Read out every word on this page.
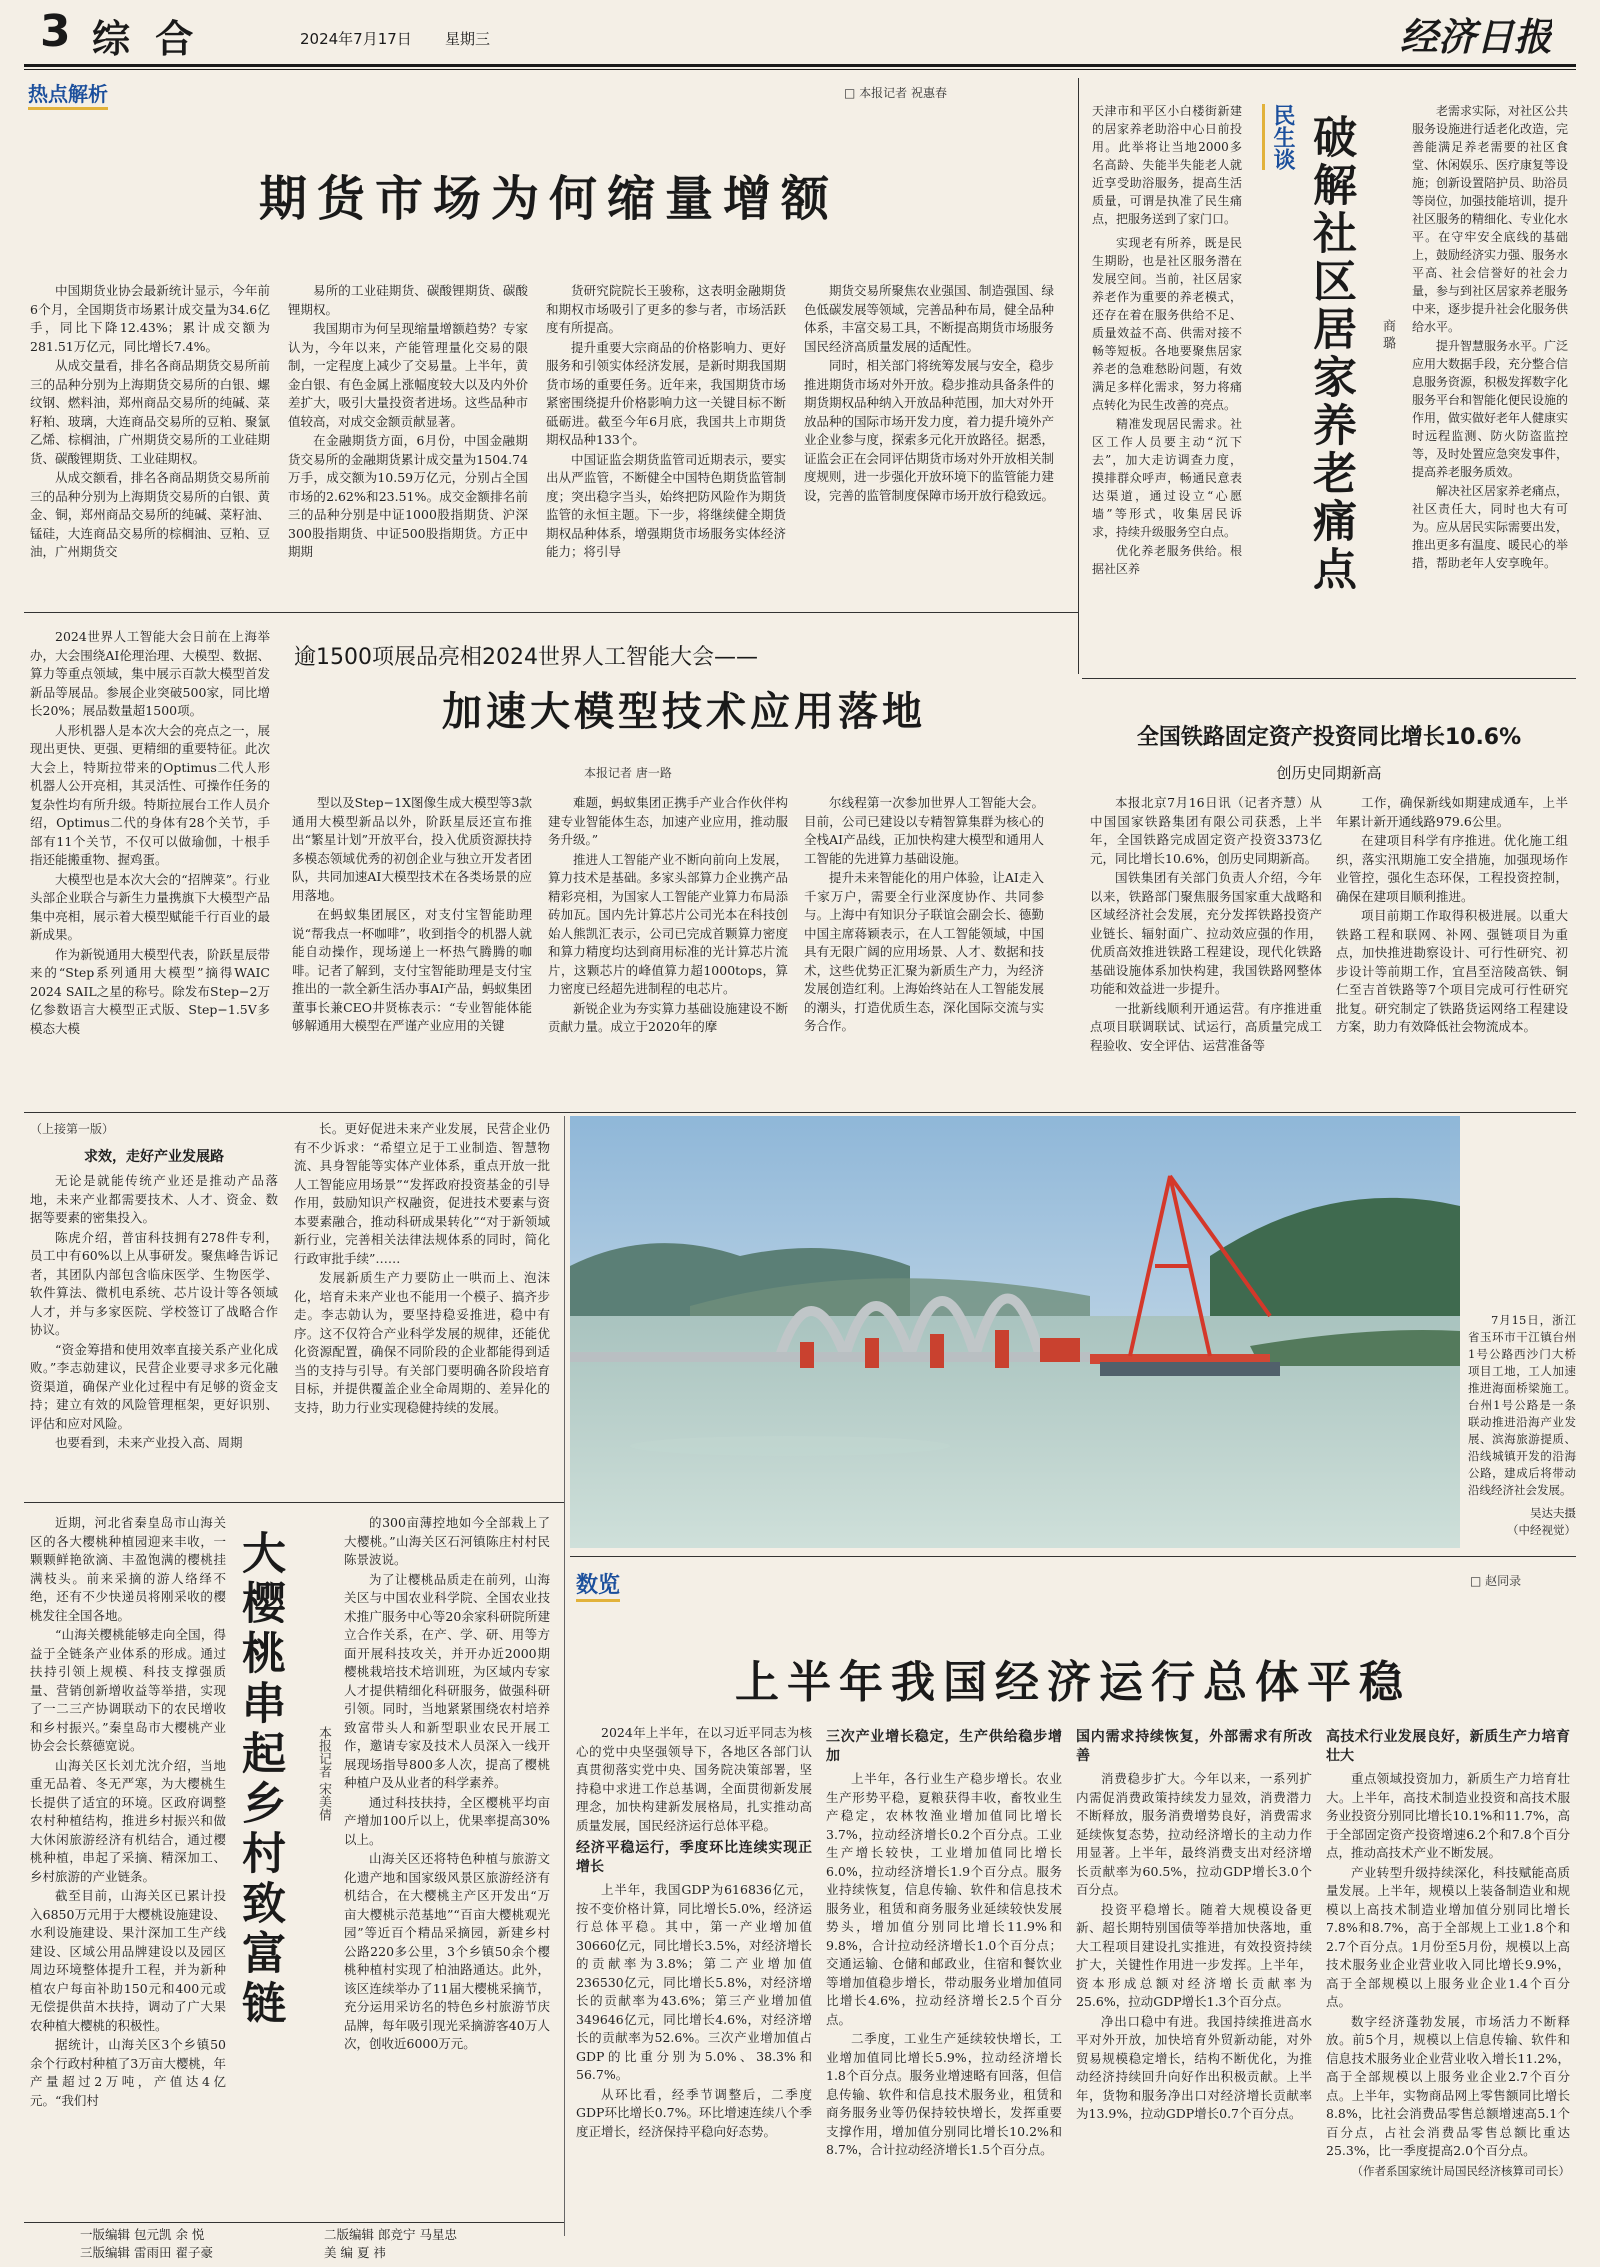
3 综 合	2024年7月17日 星期三	经济日报
热点解析	□ 本报记者 祝惠春
期货市场为何缩量增额

中国期货业协会最新统计显示，今年前6个月，全国期货市场累计成交量为34.6亿手，同比下降12.43%；累计成交额为281.51万亿元，同比增长7.4%。

从成交量看，排名各商品期货交易所前三的品种分别为上海期货交易所的白银、螺纹钢、燃料油，郑州商品交易所的纯碱、菜籽粕、玻璃，大连商品交易所的豆粕、聚氯乙烯、棕榈油，广州期货交易所的工业硅期货、碳酸锂期货、工业硅期权。

从成交额看，排名各商品期货交易所前三的品种分别为上海期货交易所的白银、黄金、铜，郑州商品交易所的纯碱、菜籽油、锰硅，大连商品交易所的棕榈油、豆粕、豆油，广州期货交

易所的工业硅期货、碳酸锂期货、碳酸锂期权。

我国期市为何呈现缩量增额趋势？专家认为，今年以来，产能管理量化交易的限制，一定程度上减少了交易量。上半年，黄金白银、有色金属上涨幅度较大以及内外价差扩大，吸引大量投资者进场。这些品种市值较高，对成交金额贡献显著。

在金融期货方面，6月份，中国金融期货交易所的金融期货累计成交量为1504.74万手，成交额为10.59万亿元，分别占全国市场的2.62%和23.51%。成交金额排名前三的品种分别是中证1000股指期货、沪深300股指期货、中证500股指期货。方正中期期

货研究院院长王骏称，这表明金融期货和期权市场吸引了更多的参与者，市场活跃度有所提高。

提升重要大宗商品的价格影响力、更好服务和引领实体经济发展，是新时期我国期货市场的重要任务。近年来，我国期货市场紧密围绕提升价格影响力这一关键目标不断砥砺进。截至今年6月底，我国共上市期货期权品种133个。

中国证监会期货监管司近期表示，要实出从严监管，不断健全中国特色期货监管制度；突出稳字当头，始终把防风险作为期货监管的永恒主题。下一步，将继续健全期货期权品种体系，增强期货市场服务实体经济能力；将引导

期货交易所聚焦农业强国、制造强国、绿色低碳发展等领域，完善品种布局，健全品种体系，丰富交易工具，不断提高期货市场服务国民经济高质量发展的适配性。

同时，相关部门将统筹发展与安全，稳步推进期货市场对外开放。稳步推动具备条件的期货期权品种纳入开放品种范围，加大对外开放品种的国际市场开发力度，着力提升境外产业企业参与度，探索多元化开放路径。据悉，证监会正在会同评估期货市场对外开放相关制度规则，进一步强化开放环境下的监管能力建设，完善的监管制度保障市场开放行稳致远。

天津市和平区小白楼街新建的居家养老助浴中心日前投用。此举将让当地2000多名高龄、失能半失能老人就近享受助浴服务，提高生活质量，可谓是执准了民生痛点，把服务送到了家门口。

实现老有所养，既是民生期盼，也是社区服务潜在发展空间。当前，社区居家养老作为重要的养老模式，还存在着在服务供给不足、质量效益不高、供需对接不畅等短板。各地要聚焦居家养老的急难愁盼问题，有效满足多样化需求，努力将痛点转化为民生改善的亮点。

精准发现居民需求。社区工作人员要主动“沉下去”，加大走访调查力度，摸排群众呼声，畅通民意表达渠道，通过设立“心愿墙”等形式，收集居民诉求，持续升级服务空白点。

优化养老服务供给。根据社区养

民生谈 破解社区居家养老痛点 商 璐

老需求实际，对社区公共服务设施进行适老化改造，完善能满足养老需要的社区食堂、休闲娱乐、医疗康复等设施；创新设置陪护员、助浴员等岗位，加强技能培训，提升社区服务的精细化、专业化水平。在守牢安全底线的基础上，鼓励经济实力强、服务水平高、社会信誉好的社会力量，参与到社区居家养老服务中来，逐步提升社会化服务供给水平。

提升智慧服务水平。广泛应用大数据手段，充分整合信息服务资源，积极发挥数字化服务平台和智能化便民设施的作用，做实做好老年人健康实时远程监测、防火防盗监控等，及时处置应急突发事件，提高养老服务质效。

解决社区居家养老痛点，社区责任大，同时也大有可为。应从居民实际需要出发，推出更多有温度、暖民心的举措，帮助老年人安享晚年。

2024世界人工智能大会日前在上海举办，大会围绕AI伦理治理、大模型、数据、算力等重点领域，集中展示百款大模型首发新品等展品。参展企业突破500家，同比增长20%；展品数量超1500项。

人形机器人是本次大会的亮点之一，展现出更快、更强、更精细的重要特征。此次大会上，特斯拉带来的Optimus二代人形机器人公开亮相，其灵活性、可操作任务的复杂性均有所升级。特斯拉展台工作人员介绍，Optimus二代的身体有28个关节，手部有11个关节，不仅可以做瑜伽，十根手指还能搬重物、握鸡蛋。

大模型也是本次大会的“招牌菜”。行业头部企业联合与新生力量携旗下大模型产品集中亮相，展示着大模型赋能千行百业的最新成果。

作为新锐通用大模型代表，阶跃星辰带来的“Step系列通用大模型”摘得WAIC 2024 SAIL之星的称号。除发布Step−2万亿参数语言大模型正式版、Step−1.5V多模态大模

逾1500项展品亮相2024世界人工智能大会——
加速大模型技术应用落地
本报记者 唐一路

型以及Step−1X图像生成大模型等3款通用大模型新品以外，阶跃星辰还宣布推出“繁星计划”开放平台，投入优质资源扶持多模态领域优秀的初创企业与独立开发者团队，共同加速AI大模型技术在各类场景的应用落地。

在蚂蚁集团展区，对支付宝智能助理说“帮我点一杯咖啡”，收到指令的机器人就能自动操作，现场递上一杯热气腾腾的咖啡。记者了解到，支付宝智能助理是支付宝推出的一款全新生活办事AI产品，蚂蚁集团董事长兼CEO井贤栋表示：“专业智能体能够解通用大模型在严谨产业应用的关键

难题，蚂蚁集团正携手产业合作伙伴构建专业智能体生态，加速产业应用，推动服务升级。”

推进人工智能产业不断向前向上发展，算力技术是基础。多家头部算力企业携产品精彩亮相，为国家人工智能产业算力布局添砖加瓦。国内先计算芯片公司光本在科技创始人熊凯汇表示，公司已完成首颗算力密度和算力精度均达到商用标准的光计算芯片流片，这颗芯片的峰值算力超1000tops，算力密度已经超先进制程的电芯片。

新锐企业为夯实算力基础设施建设不断贡献力量。成立于2020年的摩

尔线程第一次参加世界人工智能大会。目前，公司已建设以专精智算集群为核心的全栈AI产品线，正加快构建大模型和通用人工智能的先进算力基础设施。

提升未来智能化的用户体验，让AI走入千家万户，需要全行业深度协作、共同参与。上海中有知识分子联谊会副会长、德勤中国主席蒋颖表示，在人工智能领域，中国具有无限广阔的应用场景、人才、数据和技术，这些优势正汇聚为新质生产力，为经济发展创造红利。上海始终站在人工智能发展的潮头，打造优质生态，深化国际交流与实务合作。

全国铁路固定资产投资同比增长10.6%
创历史同期新高

本报北京7月16日讯（记者齐慧）从中国国家铁路集团有限公司获悉，上半年，全国铁路完成固定资产投资3373亿元，同比增长10.6%，创历史同期新高。

国铁集团有关部门负责人介绍，今年以来，铁路部门聚焦服务国家重大战略和区域经济社会发展，充分发挥铁路投资产业链长、辐射面广、拉动效应强的作用，优质高效推进铁路工程建设，现代化铁路基础设施体系加快构建，我国铁路网整体功能和效益进一步提升。

一批新线顺利开通运营。有序推进重点项目联调联试、试运行，高质量完成工程验收、安全评估、运营准备等

工作，确保新线如期建成通车，上半年累计新开通线路979.6公里。

在建项目科学有序推进。优化施工组织，落实汛期施工安全措施，加强现场作业管控，强化生态环保，工程投资控制，确保在建项目顺利推进。

项目前期工作取得积极进展。以重大铁路工程和联网、补网、强链项目为重点，加快推进勘察设计、可行性研究、初步设计等前期工作，宜昌至涪陵高铁、铜仁至吉首铁路等7个项目完成可行性研究批复。研究制定了铁路货运网络工程建设方案，助力有效降低社会物流成本。

（上接第一版）
求效，走好产业发展路

无论是就能传统产业还是推动产品落地，未来产业都需要技术、人才、资金、数据等要素的密集投入。

陈虎介绍，普宙科技拥有278件专利，员工中有60%以上从事研发。聚焦峰告诉记者，其团队内部包含临床医学、生物医学、软件算法、微机电系统、芯片设计等各领域人才，并与多家医院、学校签订了战略合作协议。

“资金筹措和使用效率直接关系产业化成败。”李志勍建议，民营企业要寻求多元化融资渠道，确保产业化过程中有足够的资金支持；建立有效的风险管理框架，更好识别、评估和应对风险。

也要看到，未来产业投入高、周期

长。更好促进未来产业发展，民营企业仍有不少诉求：“希望立足于工业制造、智慧物流、具身智能等实体产业体系，重点开放一批人工智能应用场景”“发挥政府投资基金的引导作用，鼓励知识产权融资，促进技术要素与资本要素融合，推动科研成果转化”“对于新领域新行业，完善相关法律法规体系的同时，简化行政审批手续”……

发展新质生产力要防止一哄而上、泡沫化，培育未来产业也不能用一个模子、搞齐步走。李志勍认为，要坚持稳妥推进，稳中有序。这不仅符合产业科学发展的规律，还能优化资源配置，确保不同阶段的企业都能得到适当的支持与引导。有关部门要明确各阶段培育目标，并提供覆盖企业全命周期的、差异化的支持，助力行业实现稳健持续的发展。

7月15日，浙江省玉环市干江镇台州1号公路西沙门大桥项目工地，工人加速推进海面桥梁施工。台州1号公路是一条联动推进沿海产业发展、滨海旅游提质、沿线城镇开发的沿海公路，建成后将带动沿线经济社会发展。
吴达夫摄
（中经视觉）

近期，河北省秦皇岛市山海关区的各大樱桃种植园迎来丰收，一颗颗鲜艳欲滴、丰盈饱满的樱桃挂满枝头。前来采摘的游人络绎不绝，还有不少快递员将刚采收的樱桃发往全国各地。

“山海关樱桃能够走向全国，得益于全链条产业体系的形成。通过扶持引领上规模、科技支撑强质量、营销创新增收益等举措，实现了一二三产协调联动下的农民增收和乡村振兴。”秦皇岛市大樱桃产业协会会长蔡德宽说。

山海关区长刘尤沈介绍，当地重无品着、冬无严寒，为大樱桃生长提供了适宜的环境。区政府调整农村种植结构，推进乡村振兴和做大休闲旅游经济有机结合，通过樱桃种植，串起了采摘、精深加工、乡村旅游的产业链条。

截至目前，山海关区已累计投入6850万元用于大樱桃设施建设、水利设施建设、果汁深加工生产线建设、区域公用品牌建设以及园区周边环境整体提升工程，并为新种植农户每亩补助150元和400元或无偿提供苗木扶持，调动了广大果农种植大樱桃的积极性。

据统计，山海关区3个乡镇50余个行政村种植了3万亩大樱桃，年产量超过2万吨，产值达4亿元。“我们村

大樱桃串起乡村致富链 本报记者 宋美倩

的300亩薄控地如今全部栽上了大樱桃。”山海关区石河镇陈庄村村民陈景波说。

为了让樱桃品质走在前列，山海关区与中国农业科学院、全国农业技术推广服务中心等20余家科研院所建立合作关系，在产、学、研、用等方面开展科技攻关，并开办近2000期樱桃栽培技术培训班，为区域内专家人才提供精细化科研服务，做强科研引领。同时，当地紧紧围绕农村培养致富带头人和新型职业农民开展工作，邀请专家及技术人员深入一线开展现场指导800多人次，提高了樱桃种植户及从业者的科学素养。

通过科技扶持，全区樱桃平均亩产增加100斤以上，优果率提高30%以上。

山海关区还将特色种植与旅游文化遗产地和国家级风景区旅游经济有机结合，在大樱桃主产区开发出“万亩大樱桃示范基地”“百亩大樱桃观光园”等近百个精品采摘园，新建乡村公路220多公里，3个乡镇50余个樱桃种植村实现了柏油路通达。此外，该区连续举办了11届大樱桃采摘节，充分运用采访名的特色乡村旅游节庆品牌，每年吸引现光采摘游客40万人次，创收近6000万元。

数览	□ 赵同录
上半年我国经济运行总体平稳

2024年上半年，在以习近平同志为核心的党中央坚强领导下，各地区各部门认真贯彻落实党中央、国务院决策部署，坚持稳中求进工作总基调，全面贯彻新发展理念，加快构建新发展格局，扎实推动高质量发展，国民经济运行总体平稳。

经济平稳运行，季度环比连续实现正增长

上半年，我国GDP为616836亿元，按不变价格计算，同比增长5.0%，经济运行总体平稳。其中，第一产业增加值30660亿元，同比增长3.5%，对经济增长的贡献率为3.8%；第二产业增加值236530亿元，同比增长5.8%，对经济增长的贡献率为43.6%；第三产业增加值349646亿元，同比增长4.6%，对经济增长的贡献率为52.6%。三次产业增加值占GDP的比重分别为5.0%、38.3%和56.7%。

从环比看，经季节调整后，二季度GDP环比增长0.7%。环比增速连续八个季度正增长，经济保持平稳向好态势。

三次产业增长稳定，生产供给稳步增加

上半年，各行业生产稳步增长。农业生产形势平稳，夏粮获得丰收，畜牧业生产稳定，农林牧渔业增加值同比增长3.7%，拉动经济增长0.2个百分点。工业生产增长较快，工业增加值同比增长6.0%，拉动经济增长1.9个百分点。服务业持续恢复，信息传输、软件和信息技术服务业，租赁和商务服务业延续较快发展势头，增加值分别同比增长11.9%和9.8%，合计拉动经济增长1.0个百分点；交通运输、仓储和邮政业，住宿和餐饮业等增加值稳步增长，带动服务业增加值同比增长4.6%，拉动经济增长2.5个百分点。

二季度，工业生产延续较快增长，工业增加值同比增长5.9%，拉动经济增长1.8个百分点。服务业增速略有回落，但信息传输、软件和信息技术服务业，租赁和商务服务业等仍保持较快增长，发挥重要支撑作用，增加值分别同比增长10.2%和8.7%，合计拉动经济增长1.5个百分点。

国内需求持续恢复，外部需求有所改善

消费稳步扩大。今年以来，一系列扩内需促消费政策持续发力显效，消费潜力不断释放，服务消费增势良好，消费需求延续恢复态势，拉动经济增长的主动力作用显著。上半年，最终消费支出对经济增长贡献率为60.5%，拉动GDP增长3.0个百分点。

投资平稳增长。随着大规模设备更新、超长期特别国债等举措加快落地，重大工程项目建设扎实推进，有效投资持续扩大，关键性作用进一步发挥。上半年，资本形成总额对经济增长贡献率为25.6%，拉动GDP增长1.3个百分点。

净出口稳中有进。我国持续推进高水平对外开放，加快培育外贸新动能，对外贸易规模稳定增长，结构不断优化，为推动经济持续回升向好作出积极贡献。上半年，货物和服务净出口对经济增长贡献率为13.9%，拉动GDP增长0.7个百分点。

高技术行业发展良好，新质生产力培育壮大

重点领域投资加力，新质生产力培育壮大。上半年，高技术制造业投资和高技术服务业投资分别同比增长10.1%和11.7%，高于全部固定资产投资增速6.2个和7.8个百分点，推动高技术产业不断发展。

产业转型升级持续深化，科技赋能高质量发展。上半年，规模以上装备制造业和规模以上高技术制造业增加值分别同比增长7.8%和8.7%，高于全部规上工业1.8个和2.7个百分点。1月份至5月份，规模以上高技术服务业企业营业收入同比增长9.9%，高于全部规模以上服务业企业1.4个百分点。

数字经济蓬勃发展，市场活力不断释放。前5个月，规模以上信息传输、软件和信息技术服务业企业营业收入增长11.2%，高于全部规模以上服务业企业2.7个百分点。上半年，实物商品网上零售额同比增长8.8%，比社会消费品零售总额增速高5.1个百分点，占社会消费品零售总额比重达25.3%，比一季度提高2.0个百分点。

（作者系国家统计局国民经济核算司司长）
一版编辑 包元凯 余 悦
三版编辑 雷雨田 翟子豪
二版编辑 郎竞宁 马星忠
美 编 夏 祎
